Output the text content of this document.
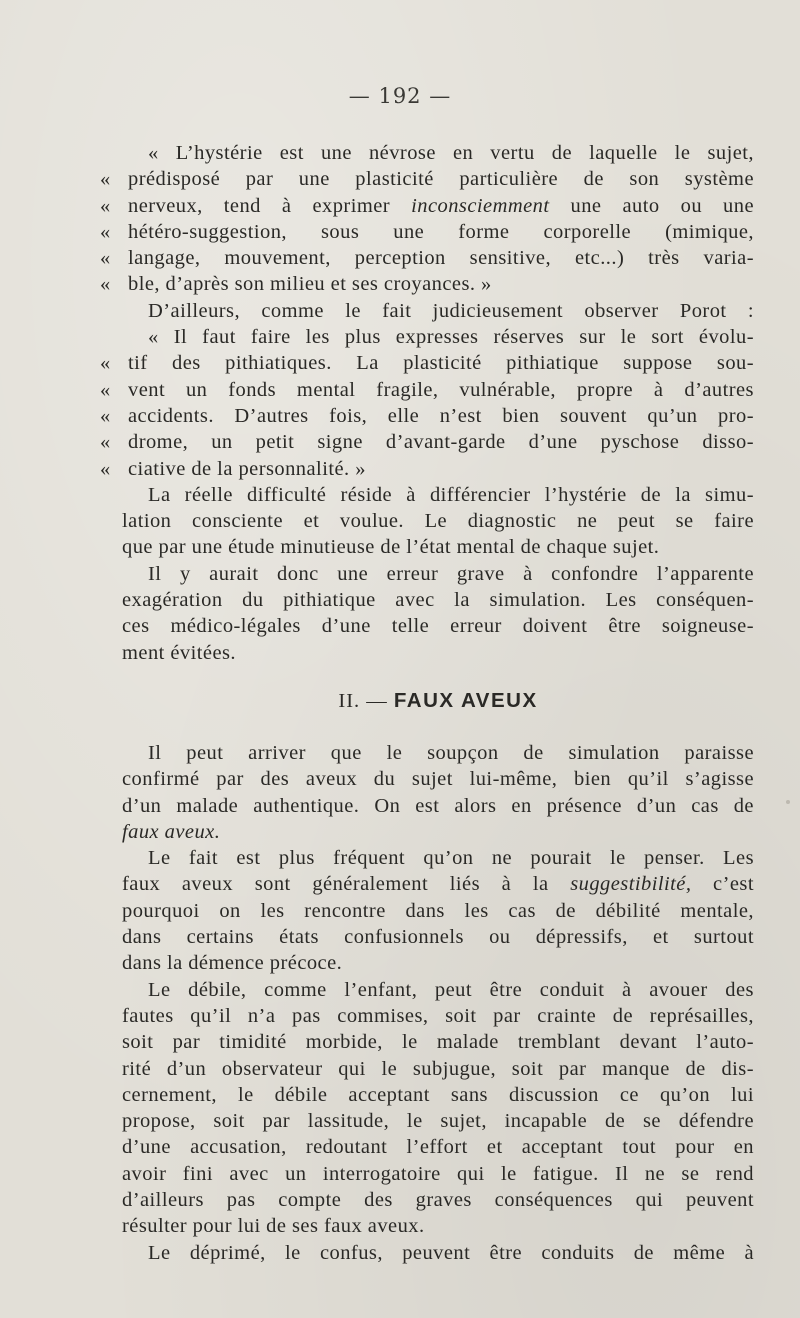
— 192 —
« L’hystérie est une névrose en vertu de laquelle le sujet,
« prédisposé par une plasticité particulière de son système
« nerveux, tend à exprimer inconsciemment une auto ou une
« hétéro-suggestion, sous une forme corporelle (mimique,
« langage, mouvement, perception sensitive, etc...) très varia-
« ble, d’après son milieu et ses croyances. »
D’ailleurs, comme le fait judicieusement observer Porot :
« Il faut faire les plus expresses réserves sur le sort évolu-
« tif des pithiatiques. La plasticité pithiatique suppose sou-
« vent un fonds mental fragile, vulnérable, propre à d’autres
« accidents. D’autres fois, elle n’est bien souvent qu’un pro-
« drome, un petit signe d’avant-garde d’une pyschose disso-
« ciative de la personnalité. »
La réelle difficulté réside à différencier l’hystérie de la simu-
lation consciente et voulue. Le diagnostic ne peut se faire
que par une étude minutieuse de l’état mental de chaque sujet.
Il y aurait donc une erreur grave à confondre l’apparente
exagération du pithiatique avec la simulation. Les conséquen-
ces médico-légales d’une telle erreur doivent être soigneuse-
ment évitées.
II. — FAUX AVEUX
Il peut arriver que le soupçon de simulation paraisse
confirmé par des aveux du sujet lui-même, bien qu’il s’agisse
d’un malade authentique. On est alors en présence d’un cas de
faux aveux.
Le fait est plus fréquent qu’on ne pourait le penser. Les
faux aveux sont généralement liés à la suggestibilité, c’est
pourquoi on les rencontre dans les cas de débilité mentale,
dans certains états confusionnels ou dépressifs, et surtout
dans la démence précoce.
Le débile, comme l’enfant, peut être conduit à avouer des
fautes qu’il n’a pas commises, soit par crainte de représailles,
soit par timidité morbide, le malade tremblant devant l’auto-
rité d’un observateur qui le subjugue, soit par manque de dis-
cernement, le débile acceptant sans discussion ce qu’on lui
propose, soit par lassitude, le sujet, incapable de se défendre
d’une accusation, redoutant l’effort et acceptant tout pour en
avoir fini avec un interrogatoire qui le fatigue. Il ne se rend
d’ailleurs pas compte des graves conséquences qui peuvent
résulter pour lui de ses faux aveux.
Le déprimé, le confus, peuvent être conduits de même à
